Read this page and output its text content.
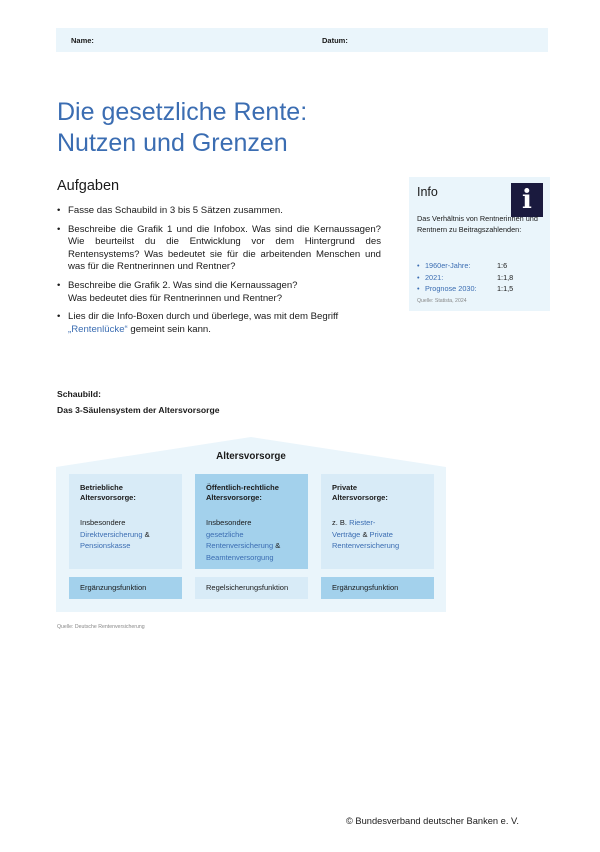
Name:	Datum:
Die gesetzliche Rente:
Nutzen und Grenzen
Aufgaben
• Fasse das Schaubild in 3 bis 5 Sätzen zusammen.
• Beschreibe die Grafik 1 und die Infobox. Was sind die Kernaussagen? Wie beurteilst du die Entwicklung vor dem Hintergrund des Rentensystems? Was bedeutet sie für die arbeitenden Menschen und was für die Rentnerinnen und Rentner?
• Beschreibe die Grafik 2. Was sind die Kernaussagen?
Was bedeutet dies für Rentnerinnen und Rentner?
• Lies dir die Info-Boxen durch und überlege, was mit dem Begriff „Rentenlücke“ gemeint sein kann.
Info	i
Das Verhältnis von Rentnerinnen und Rentnern zu Beitragszahlenden:
• 1960er-Jahre:	1:6
• 2021:	1:1,8
• Prognose 2030:	1:1,5
Quelle: Statista, 2024
Schaubild:
Das 3-Säulensystem der Altersvorsorge
Altersvorsorge
Betriebliche
Altersvorsorge:
Insbesondere
Direktversicherung &
Pensionskasse
Ergänzungsfunktion
Öffentlich-rechtliche
Altersvorsorge:
Insbesondere
gesetzliche
Rentenversicherung &
Beamtenversorgung
Regelsicherungsfunktion
Private
Altersvorsorge:
z. B. Riester-
Verträge & Private
Rentenversicherung
Ergänzungsfunktion
Quelle: Deutsche Rentenversicherung
© Bundesverband deutscher Banken e. V.
